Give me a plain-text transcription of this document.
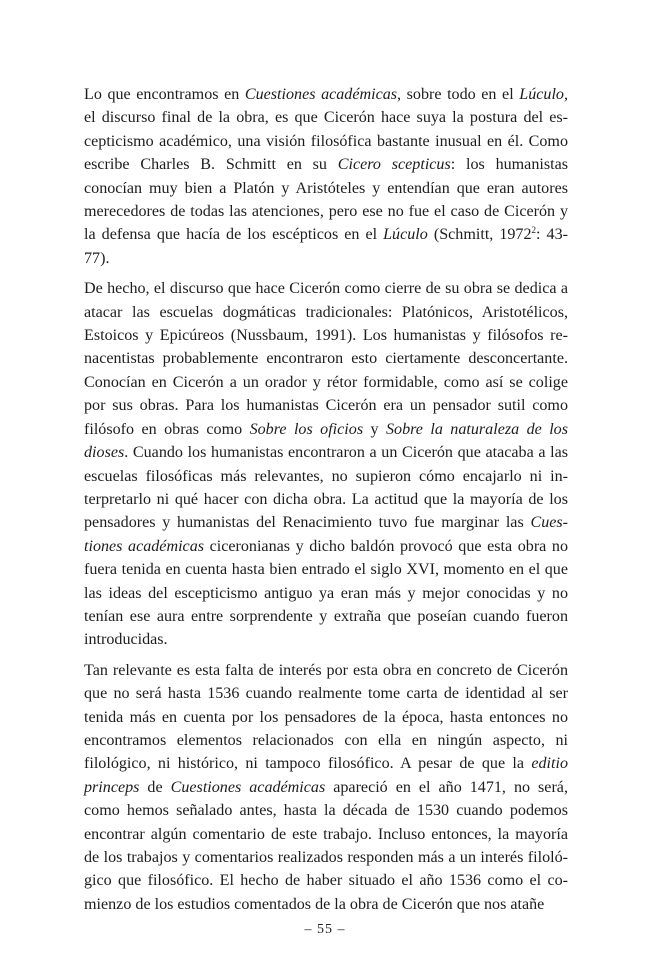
Lo que encontramos en Cuestiones académicas, sobre todo en el Lúculo, el discurso final de la obra, es que Cicerón hace suya la postura del escepticismo académico, una visión filosófica bastante inusual en él. Como escribe Charles B. Schmitt en su Cicero scepticus: los humanistas conocían muy bien a Platón y Aristóteles y entendían que eran autores merecedores de todas las atenciones, pero ese no fue el caso de Cicerón y la defensa que hacía de los escépticos en el Lúculo (Schmitt, 1972$^2$: 43-77).

De hecho, el discurso que hace Cicerón como cierre de su obra se dedica a atacar las escuelas dogmáticas tradicionales: Platónicos, Aristotélicos, Estoicos y Epicúreos (Nussbaum, 1991). Los humanistas y filósofos renacentistas probablemente encontraron esto ciertamente desconcertante. Conocían en Cicerón a un orador y rétor formidable, como así se colige por sus obras. Para los humanistas Cicerón era un pensador sutil como filósofo en obras como Sobre los oficios y Sobre la naturaleza de los dioses. Cuando los humanistas encontraron a un Cicerón que atacaba a las escuelas filosóficas más relevantes, no supieron cómo encajarlo ni interpretarlo ni qué hacer con dicha obra. La actitud que la mayoría de los pensadores y humanistas del Renacimiento tuvo fue marginar las Cuestiones académicas ciceronianas y dicho baldón provocó que esta obra no fuera tenida en cuenta hasta bien entrado el siglo XVI, momento en el que las ideas del escepticismo antiguo ya eran más y mejor conocidas y no tenían ese aura entre sorprendente y extraña que poseían cuando fueron introducidas.

Tan relevante es esta falta de interés por esta obra en concreto de Cicerón que no será hasta 1536 cuando realmente tome carta de identidad al ser tenida más en cuenta por los pensadores de la época, hasta entonces no encontramos elementos relacionados con ella en ningún aspecto, ni filológico, ni histórico, ni tampoco filosófico. A pesar de que la editio princeps de Cuestiones académicas apareció en el año 1471, no será, como hemos señalado antes, hasta la década de 1530 cuando podemos encontrar algún comentario de este trabajo. Incluso entonces, la mayoría de los trabajos y comentarios realizados responden más a un interés filológico que filosófico. El hecho de haber situado el año 1536 como el comienzo de los estudios comentados de la obra de Cicerón que nos atañe

– 55 –
